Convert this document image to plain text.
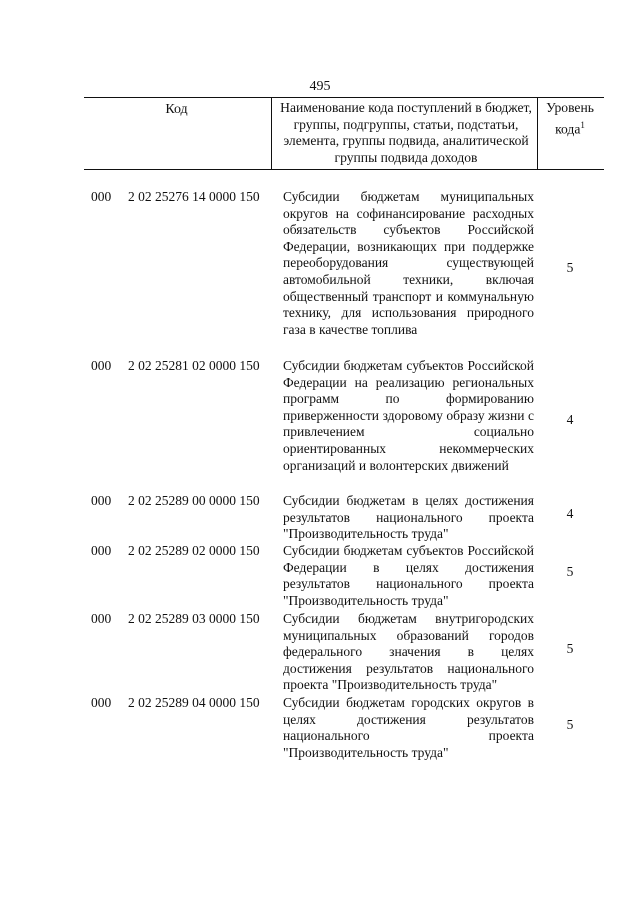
495
Код	Наименование кода поступлений в бюджет, группы, подгруппы, статьи, подстатьи, элемента, группы подвида, аналитической группы подвида доходов
Уровень кода$^1$
000 2 02 25276 14 0000 150 Субсидии бюджетам муниципальных округов на софинансирование расходных обязательств субъектов Российской Федерации, возникающих при поддержке переоборудования существующей автомобильной техники, включая общественный транспорт и коммунальную технику, для использования природного газа в качестве топлива
5
000 2 02 25281 02 0000 150 Субсидии бюджетам субъектов Российской Федерации на реализацию региональных программ по формированию приверженности здоровому образу жизни с привлечением социально ориентированных некоммерческих организаций и волонтерских движений
4
000 2 02 25289 00 0000 150 Субсидии бюджетам в целях достижения результатов национального проекта "Производительность труда"
4
000 2 02 25289 02 0000 150 Субсидии бюджетам субъектов Российской Федерации в целях достижения результатов национального проекта "Производительность труда"
5
000 2 02 25289 03 0000 150 Субсидии бюджетам внутригородских муниципальных образований городов федерального значения в целях достижения результатов национального проекта "Производительность труда"
5
000 2 02 25289 04 0000 150 Субсидии бюджетам городских округов в целях достижения результатов национального проекта "Производительность труда"
5
